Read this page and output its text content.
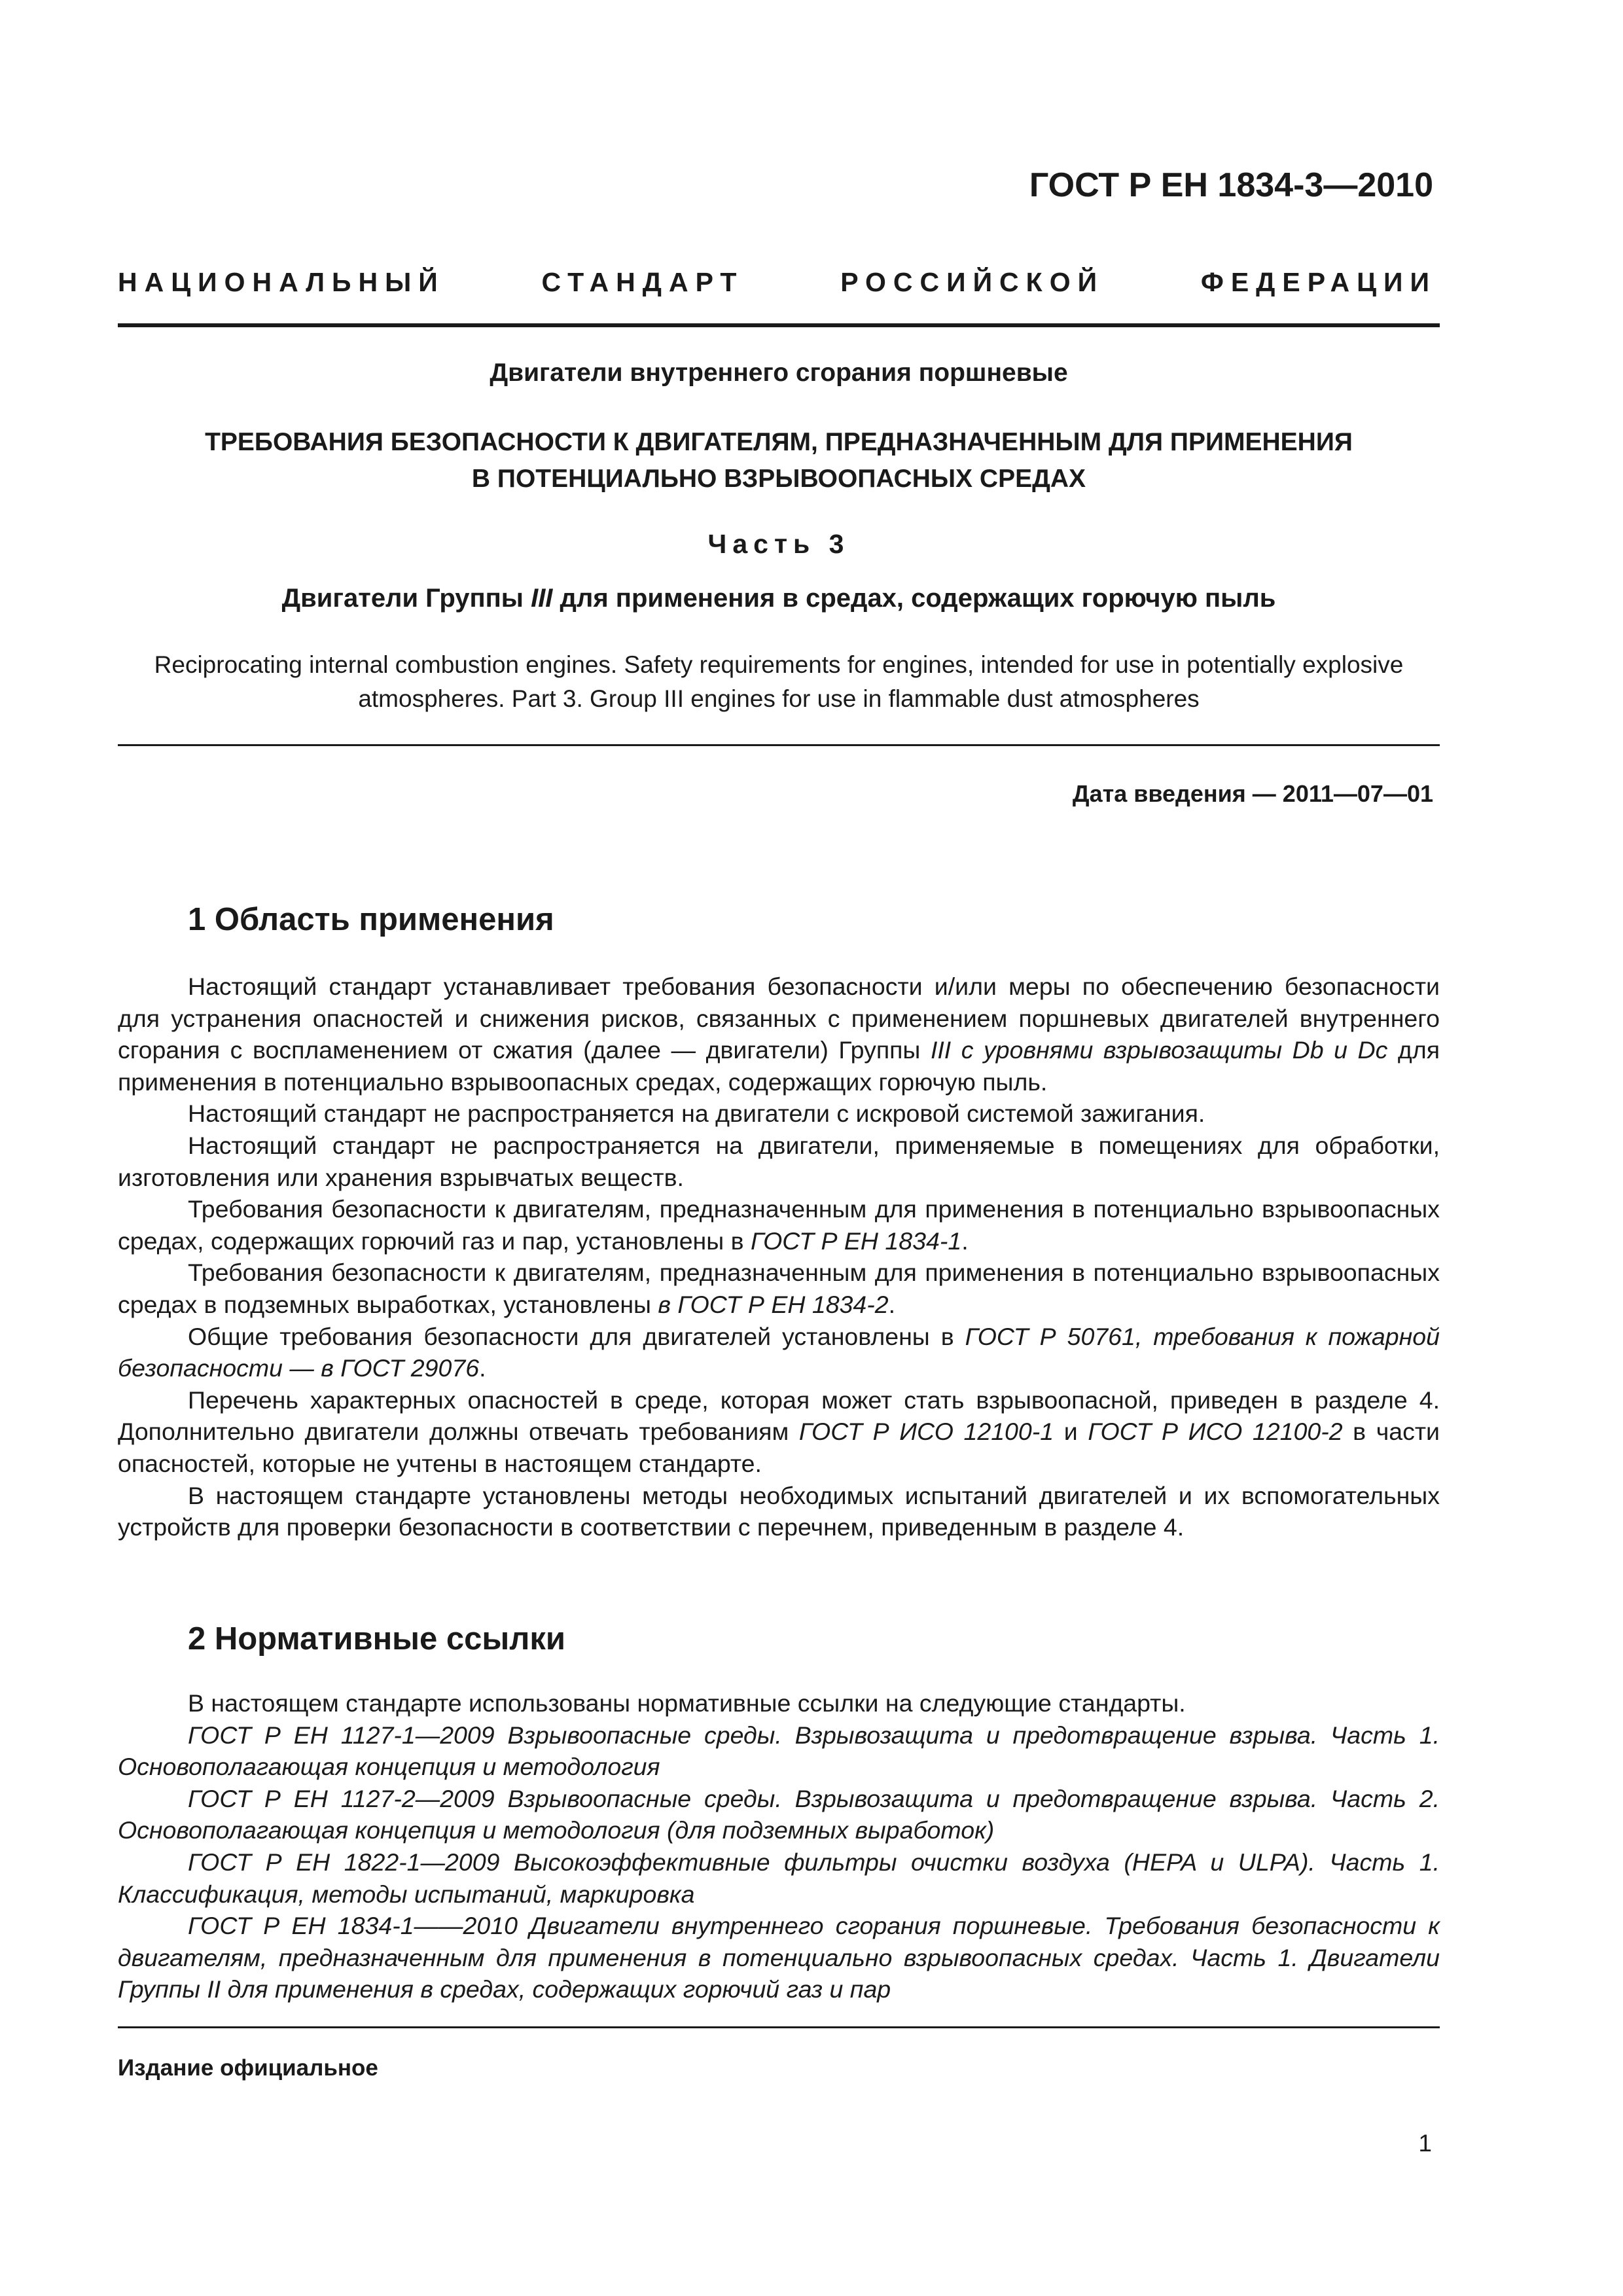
ГОСТ Р ЕН 1834-3—2010
НАЦИОНАЛЬНЫЙ	СТАНДАРТ	РОССИЙСКОЙ	ФЕДЕРАЦИИ
Двигатели внутреннего сгорания поршневые
ТРЕБОВАНИЯ БЕЗОПАСНОСТИ К ДВИГАТЕЛЯМ, ПРЕДНАЗНАЧЕННЫМ ДЛЯ ПРИМЕНЕНИЯ
В ПОТЕНЦИАЛЬНО ВЗРЫВООПАСНЫХ СРЕДАХ
Часть 3
Двигатели Группы III для применения в средах, содержащих горючую пыль
Reciprocating internal combustion engines. Safety requirements for engines, intended for use in potentially explosive
atmospheres. Part 3. Group III engines for use in flammable dust atmospheres
Дата введения — 2011—07—01
1 Область применения

Настоящий стандарт устанавливает требования безопасности и/или меры по обеспечению безопасности для устранения опасностей и снижения рисков, связанных с применением поршневых двигателей внутреннего сгорания с воспламенением от сжатия (далее — двигатели) Группы III с уровнями взрывозащиты Db и Dc для применения в потенциально взрывоопасных средах, содержащих горючую пыль.

Настоящий стандарт не распространяется на двигатели с искровой системой зажигания.

Настоящий стандарт не распространяется на двигатели, применяемые в помещениях для обработки, изготовления или хранения взрывчатых веществ.

Требования безопасности к двигателям, предназначенным для применения в потенциально взрывоопасных средах, содержащих горючий газ и пар, установлены в ГОСТ Р ЕН 1834-1.

Требования безопасности к двигателям, предназначенным для применения в потенциально взрывоопасных средах в подземных выработках, установлены в ГОСТ Р ЕН 1834-2.

Общие требования безопасности для двигателей установлены в ГОСТ Р 50761, требования к пожарной безопасности — в ГОСТ 29076.

Перечень характерных опасностей в среде, которая может стать взрывоопасной, приведен в разделе 4. Дополнительно двигатели должны отвечать требованиям ГОСТ Р ИСО 12100-1 и ГОСТ Р ИСО 12100-2 в части опасностей, которые не учтены в настоящем стандарте.

В настоящем стандарте установлены методы необходимых испытаний двигателей и их вспомогательных устройств для проверки безопасности в соответствии с перечнем, приведенным в разделе 4.

2 Нормативные ссылки

В настоящем стандарте использованы нормативные ссылки на следующие стандарты.

ГОСТ Р ЕН 1127-1—2009 Взрывоопасные среды. Взрывозащита и предотвращение взрыва. Часть 1. Основополагающая концепция и методология

ГОСТ Р ЕН 1127-2—2009 Взрывоопасные среды. Взрывозащита и предотвращение взрыва. Часть 2. Основополагающая концепция и методология (для подземных выработок)

ГОСТ Р ЕН 1822-1—2009 Высокоэффективные фильтры очистки воздуха (HEPA и ULPA). Часть 1. Классификация, методы испытаний, маркировка

ГОСТ Р ЕН 1834-1——2010 Двигатели внутреннего сгорания поршневые. Требования безопасности к двигателям, предназначенным для применения в потенциально взрывоопасных средах. Часть 1. Двигатели Группы II для применения в средах, содержащих горючий газ и пар

Издание официальное
1
